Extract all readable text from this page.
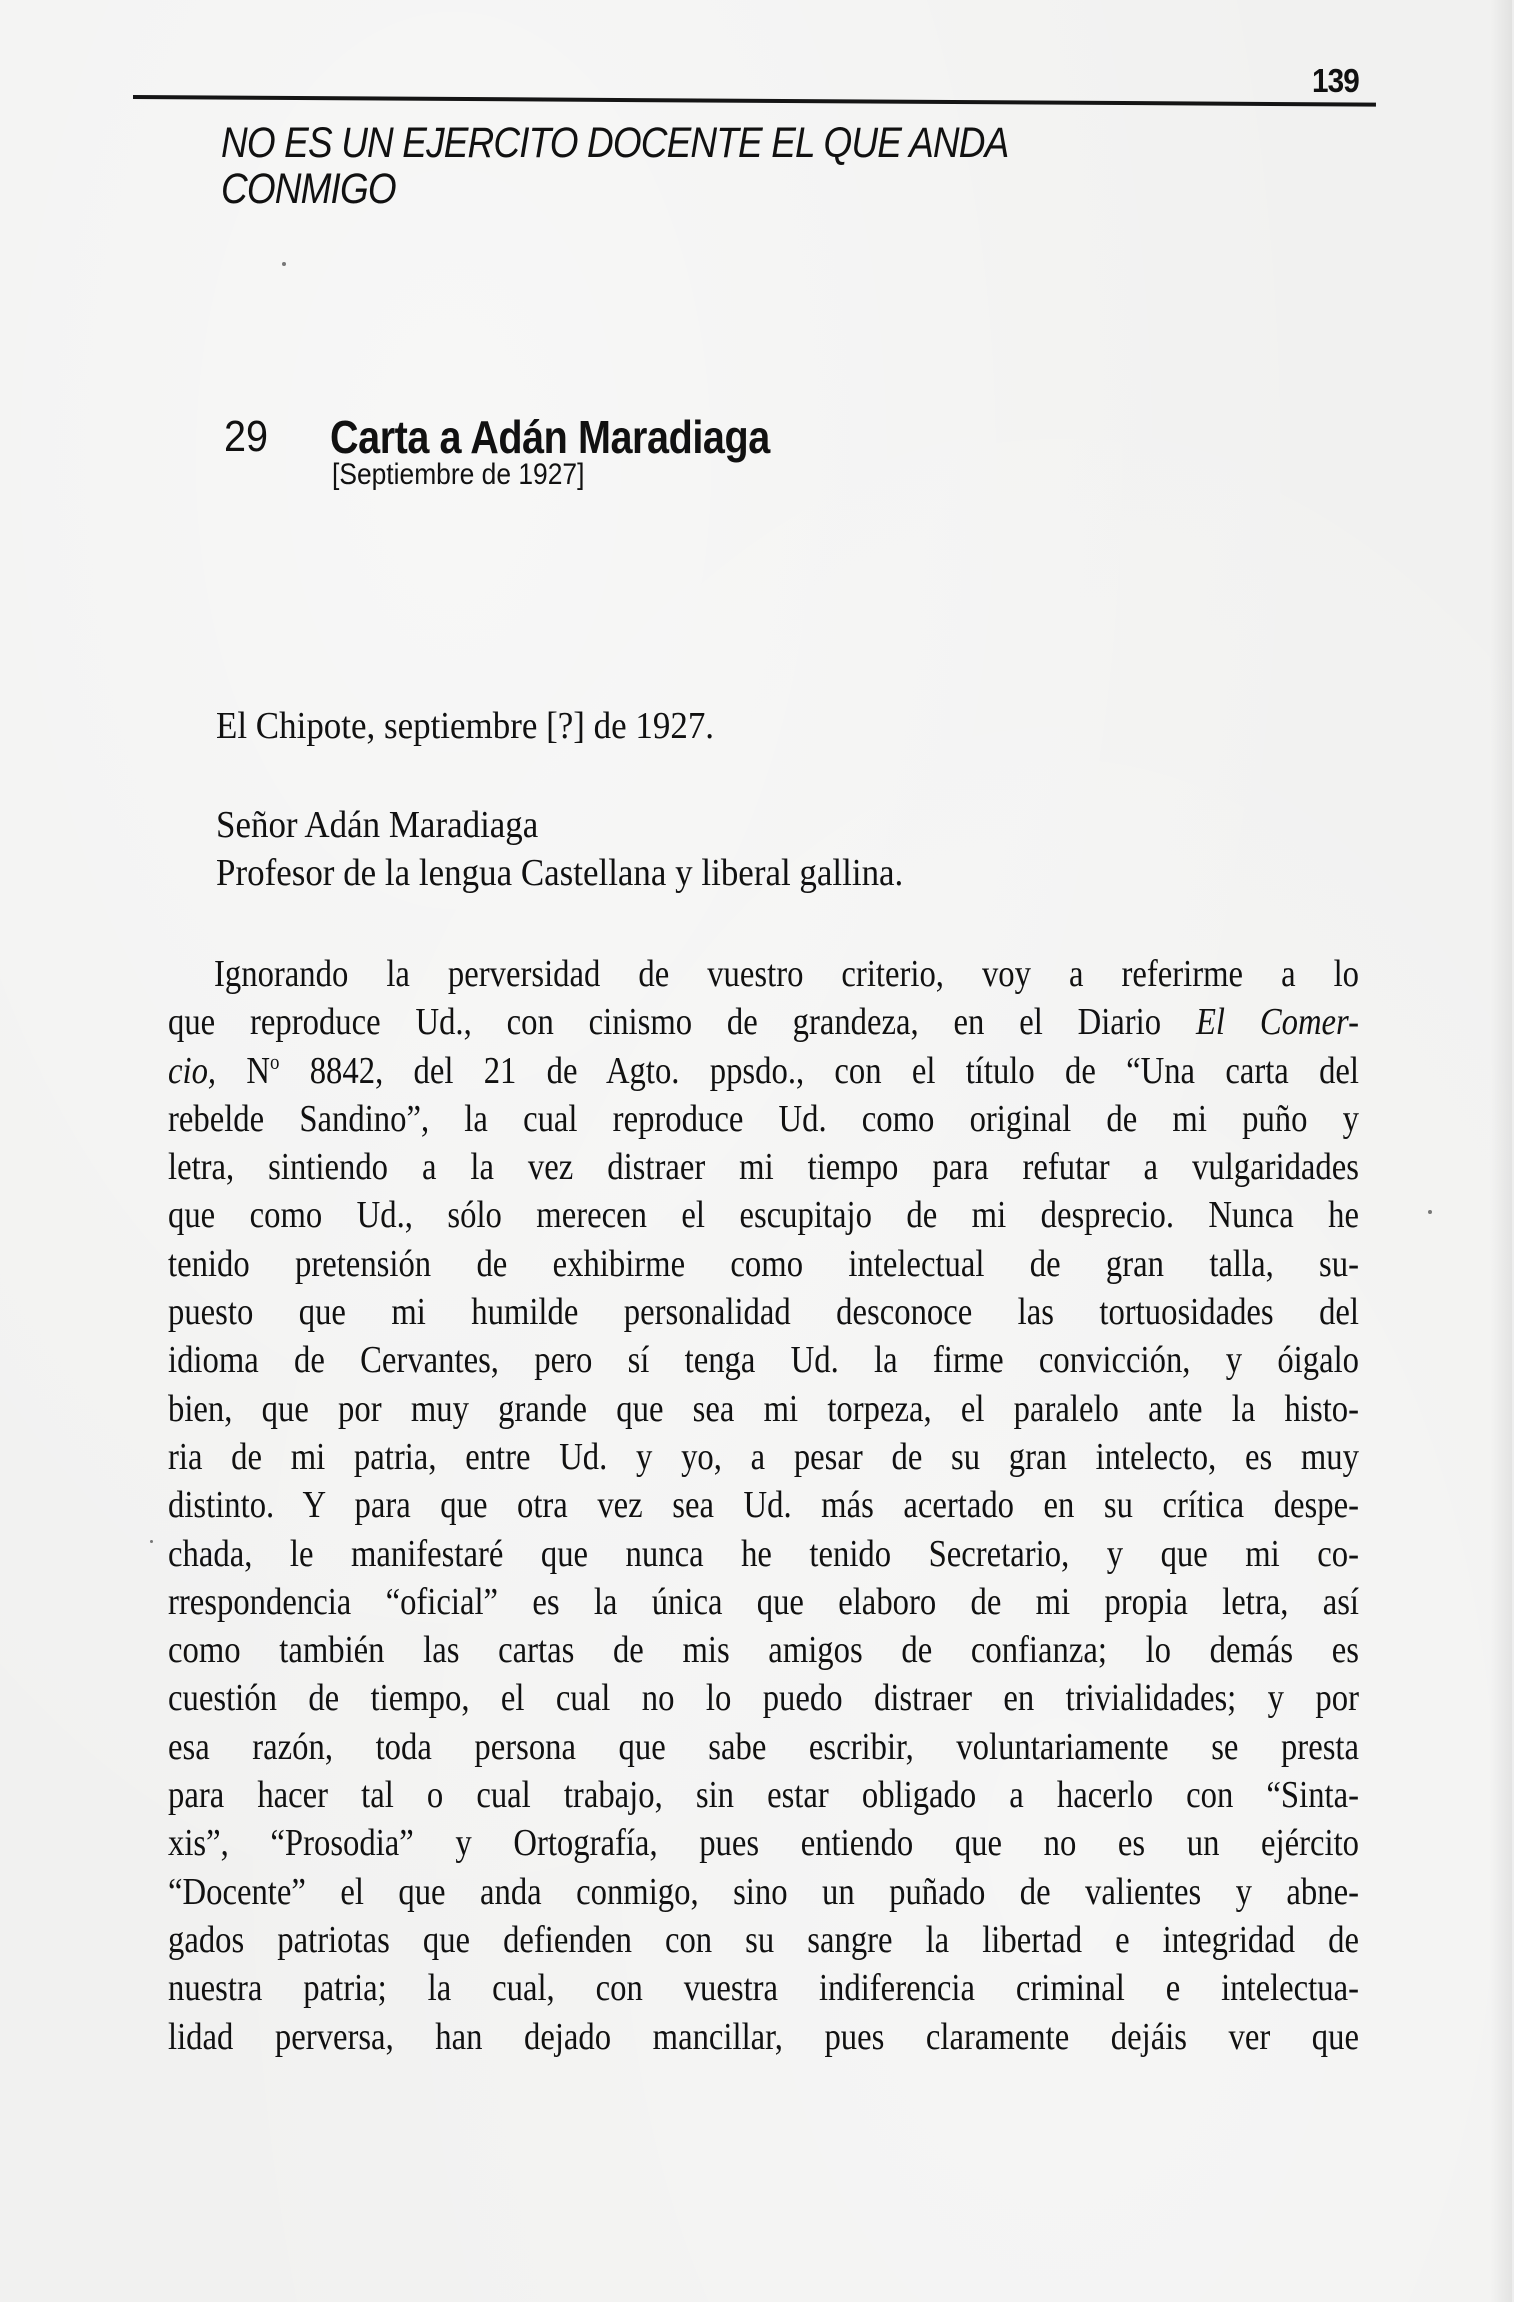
139
NO ES UN EJERCITO DOCENTE EL QUE ANDA
CONMIGO
29 Carta a Adán Maradiaga
[Septiembre de 1927]
El Chipote, septiembre [?] de 1927.
Señor Adán Maradiaga
Profesor de la lengua Castellana y liberal gallina.
Ignorando la perversidad de vuestro criterio, voy a referirme a lo
que reproduce Ud., con cinismo de grandeza, en el Diario El Comer-
cio, $N^o$ 8842, del 21 de Agto. ppsdo., con el título de “Una carta del
rebelde Sandino”, la cual reproduce Ud. como original de mi puño y
letra, sintiendo a la vez distraer mi tiempo para refutar a vulgaridades
que como Ud., sólo merecen el escupitajo de mi desprecio. Nunca he
tenido pretensión de exhibirme como intelectual de gran talla, su-
puesto que mi humilde personalidad desconoce las tortuosidades del
idioma de Cervantes, pero sí tenga Ud. la firme convicción, y óigalo
bien, que por muy grande que sea mi torpeza, el paralelo ante la histo-
ria de mi patria, entre Ud. y yo, a pesar de su gran intelecto, es muy
distinto. Y para que otra vez sea Ud. más acertado en su crítica despe-
chada, le manifestaré que nunca he tenido Secretario, y que mi co-
rrespondencia “oficial” es la única que elaboro de mi propia letra, así
como también las cartas de mis amigos de confianza; lo demás es
cuestión de tiempo, el cual no lo puedo distraer en trivialidades; y por
esa razón, toda persona que sabe escribir, voluntariamente se presta
para hacer tal o cual trabajo, sin estar obligado a hacerlo con “Sinta-
xis”, “Prosodia” y Ortografía, pues entiendo que no es un ejército
“Docente” el que anda conmigo, sino un puñado de valientes y abne-
gados patriotas que defienden con su sangre la libertad e integridad de
nuestra patria; la cual, con vuestra indiferencia criminal e intelectua-
lidad perversa, han dejado mancillar, pues claramente dejáis ver que
